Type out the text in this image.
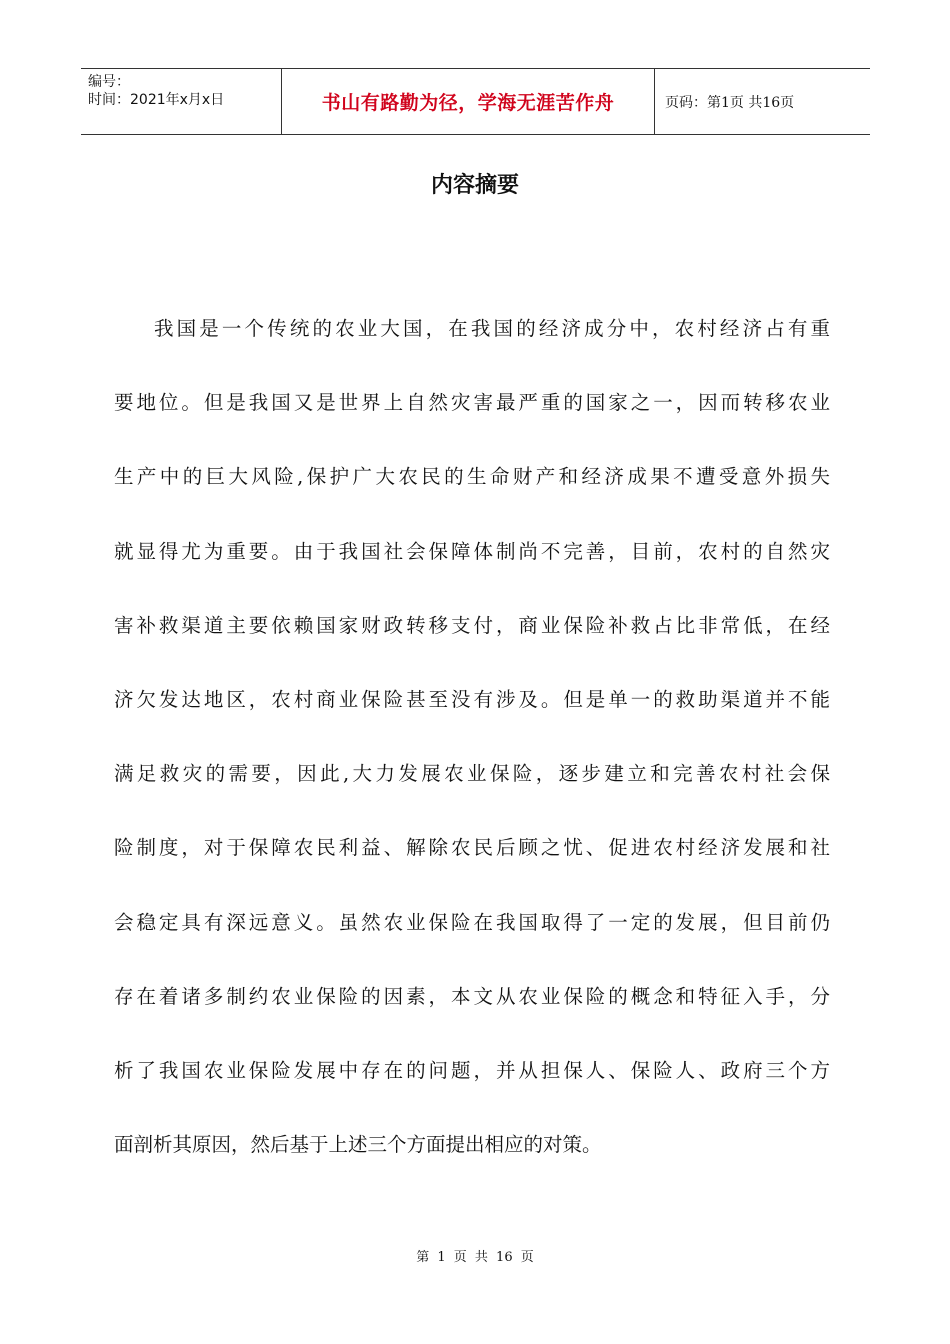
编号：
时间：2021年x月x日	书山有路勤为径，学海无涯苦作舟	页码：第1页 共16页
内容摘要
我国是一个传统的农业大国，在我国的经济成分中，农村经济占有重
要地位。但是我国又是世界上自然灾害最严重的国家之一，因而转移农业
生产中的巨大风险,保护广大农民的生命财产和经济成果不遭受意外损失
就显得尤为重要。由于我国社会保障体制尚不完善，目前，农村的自然灾
害补救渠道主要依赖国家财政转移支付，商业保险补救占比非常低，在经
济欠发达地区，农村商业保险甚至没有涉及。但是单一的救助渠道并不能
满足救灾的需要，因此,大力发展农业保险，逐步建立和完善农村社会保
险制度，对于保障农民利益、解除农民后顾之忧、促进农村经济发展和社
会稳定具有深远意义。虽然农业保险在我国取得了一定的发展，但目前仍
存在着诸多制约农业保险的因素，本文从农业保险的概念和特征入手，分
析了我国农业保险发展中存在的问题，并从担保人、保险人、政府三个方
面剖析其原因，然后基于上述三个方面提出相应的对策。
第 1 页 共 16 页
